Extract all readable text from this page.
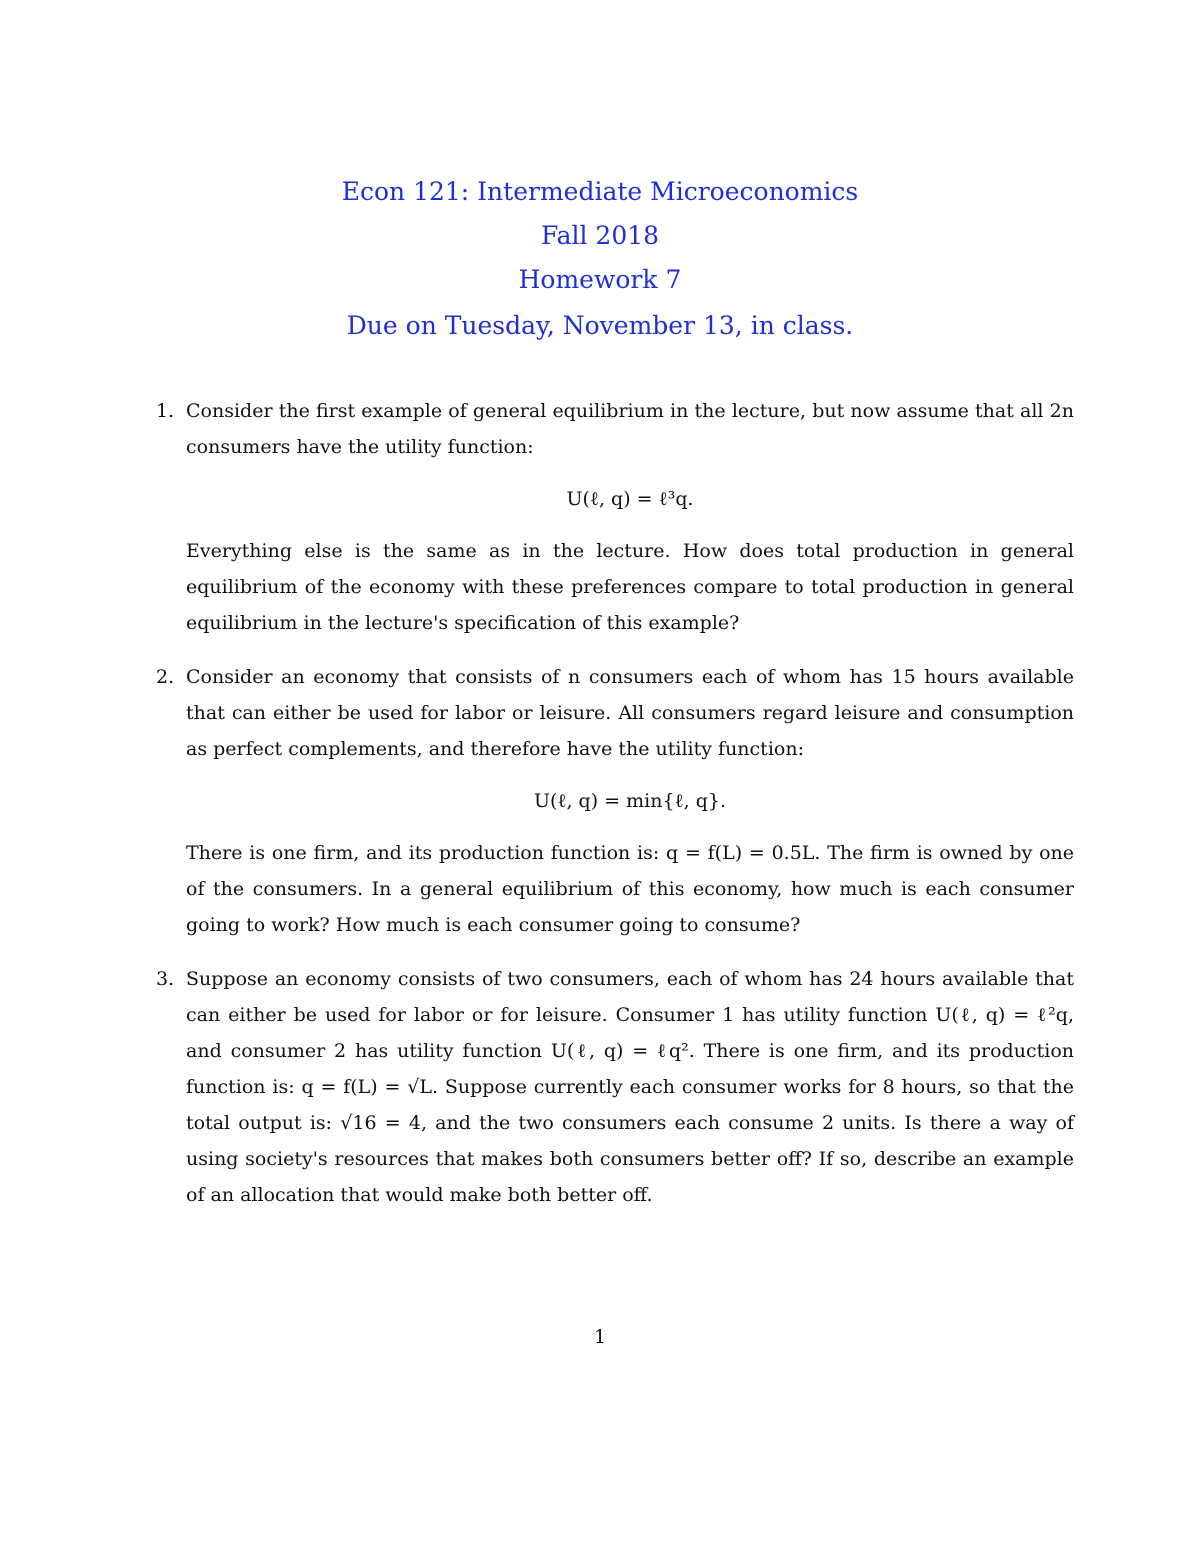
Econ 121: Intermediate Microeconomics
Fall 2018
Homework 7
Due on Tuesday, November 13, in class.
1. Consider the first example of general equilibrium in the lecture, but now assume that all 2n consumers have the utility function:
U(ℓ, q) = ℓ³q.
Everything else is the same as in the lecture. How does total production in general equilibrium of the economy with these preferences compare to total production in general equilibrium in the lecture's specification of this example?
2. Consider an economy that consists of n consumers each of whom has 15 hours available that can either be used for labor or leisure. All consumers regard leisure and consumption as perfect complements, and therefore have the utility function:
U(ℓ, q) = min{ℓ, q}.
There is one firm, and its production function is: q = f(L) = 0.5L. The firm is owned by one of the consumers. In a general equilibrium of this economy, how much is each consumer going to work? How much is each consumer going to consume?
3. Suppose an economy consists of two consumers, each of whom has 24 hours available that can either be used for labor or for leisure. Consumer 1 has utility function U(ℓ, q) = ℓ²q, and consumer 2 has utility function U(ℓ, q) = ℓq². There is one firm, and its production function is: q = f(L) = √L. Suppose currently each consumer works for 8 hours, so that the total output is: √16 = 4, and the two consumers each consume 2 units. Is there a way of using society's resources that makes both consumers better off? If so, describe an example of an allocation that would make both better off.
1
